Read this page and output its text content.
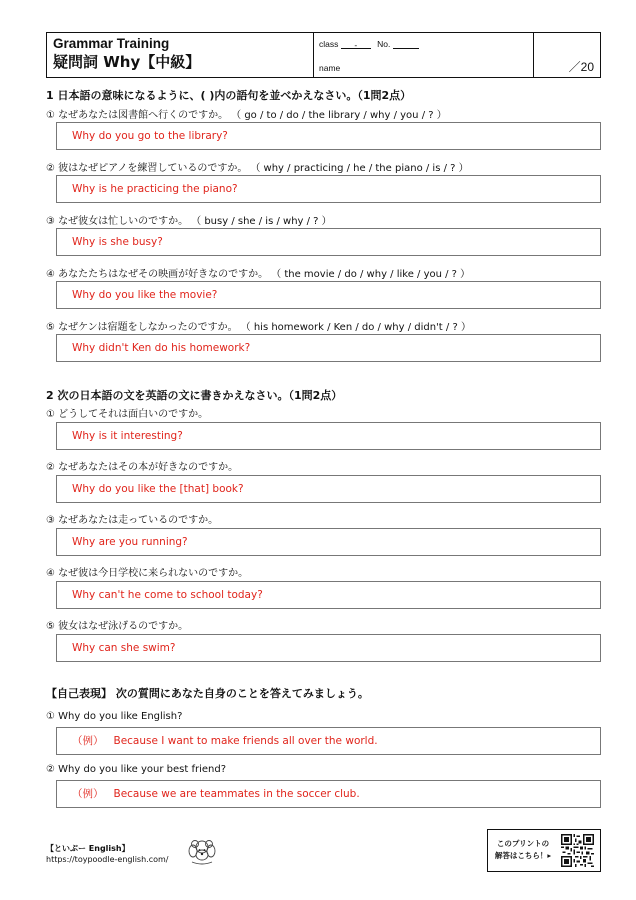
Grammar Training
疑問詞 Why【中級】
class - No.
name	／20
1 日本語の意味になるように、( )内の語句を並べかえなさい。（1問2点）
① なぜあなたは図書館へ行くのですか。 （ go / to / do / the library / why / you / ? ）
Why do you go to the library?
② 彼はなぜピアノを練習しているのですか。 （ why / practicing / he / the piano / is / ? ）
Why is he practicing the piano?
③ なぜ彼女は忙しいのですか。 （ busy / she / is / why / ? ）
Why is she busy?
④ あなたたちはなぜその映画が好きなのですか。 （ the movie / do / why / like / you / ? ）
Why do you like the movie?
⑤ なぜケンは宿題をしなかったのですか。 （ his homework / Ken / do / why / didn't / ? ）
Why didn't Ken do his homework?
2 次の日本語の文を英語の文に書きかえなさい。（1問2点）
① どうしてそれは面白いのですか。
Why is it interesting?
② なぜあなたはその本が好きなのですか。
Why do you like the [that] book?
③ なぜあなたは走っているのですか。
Why are you running?
④ なぜ彼は今日学校に来られないのですか。
Why can't he come to school today?
⑤ 彼女はなぜ泳げるのですか。
Why can she swim?
【自己表現】 次の質問にあなた自身のことを答えてみましょう。
① Why do you like English?
（例） Because I want to make friends all over the world.
② Why do you like your best friend?
（例） Because we are teammates in the soccer club.
【といぷー English】
https://toypoodle-english.com/
このプリントの
解答はこちら！▸
